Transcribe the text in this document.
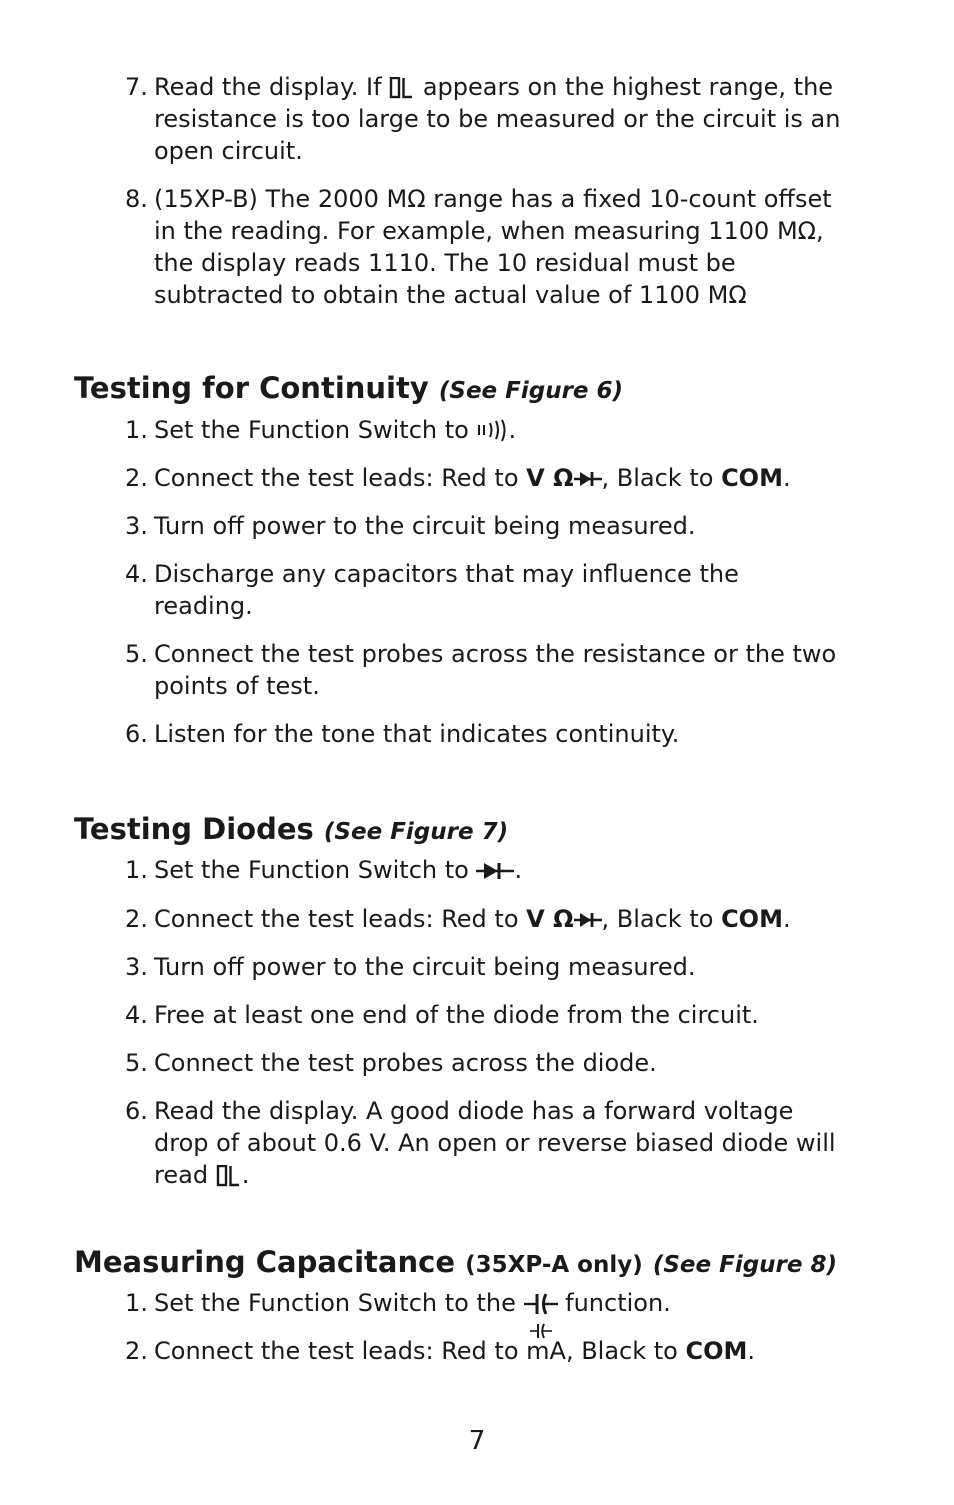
7. Read the display. If appears on the highest range, the resistance is too large to be measured or the circuit is an open circuit.
8. (15XP-B) The 2000 MΩ range has a fixed 10-count offset in the reading. For example, when measuring 1100 MΩ, the display reads 1110. The 10 residual must be subtracted to obtain the actual value of 1100 MΩ
Testing for Continuity (See Figure 6)
1. Set the Function Switch to .
2. Connect the test leads: Red to V Ω , Black to COM.
3. Turn off power to the circuit being measured.
4. Discharge any capacitors that may influence the reading.
5. Connect the test probes across the resistance or the two points of test.
6. Listen for the tone that indicates continuity.
Testing Diodes (See Figure 7)
1. Set the Function Switch to .
2. Connect the test leads: Red to V Ω , Black to COM.
3. Turn off power to the circuit being measured.
4. Free at least one end of the diode from the circuit.
5. Connect the test probes across the diode.
6. Read the display. A good diode has a forward voltage drop of about 0.6 V. An open or reverse biased diode will read .
Measuring Capacitance (35XP-A only) (See Figure 8)
1. Set the Function Switch to the function.
2. Connect the test leads: Red to mA, Black to COM.
7
